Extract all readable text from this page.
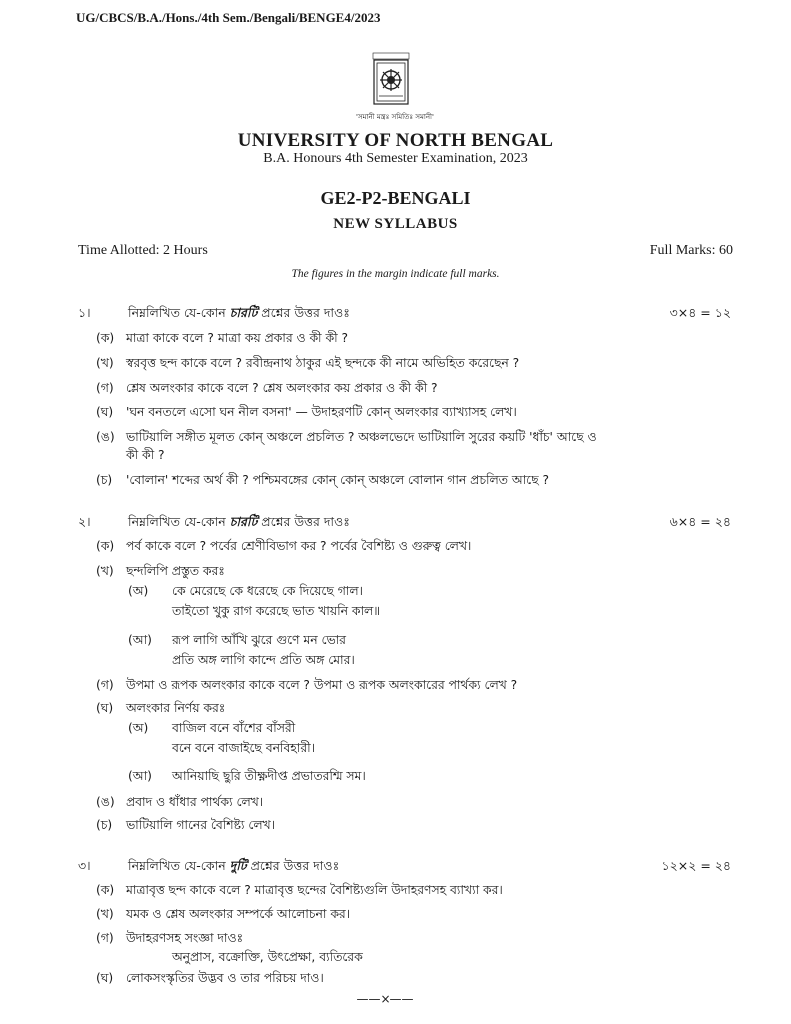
UG/CBCS/B.A./Hons./4th Sem./Bengali/BENGE4/2023
'সমানী মন্ত্রঃ সমিতিঃ সমানী'
UNIVERSITY OF NORTH BENGAL
B.A. Honours 4th Semester Examination, 2023
GE2-P2-BENGALI
NEW SYLLABUS
Time Allotted: 2 Hours	Full Marks: 60
The figures in the margin indicate full marks.
১।	নিম্নলিখিত যে-কোন চারটি প্রশ্নের উত্তর দাওঃ	৩×৪ = ১২
(ক) মাত্রা কাকে বলে ? মাত্রা কয় প্রকার ও কী কী ?
(খ) স্বরবৃত্ত ছন্দ কাকে বলে ? রবীন্দ্রনাথ ঠাকুর এই ছন্দকে কী নামে অভিহিত করেছেন ?
(গ) শ্লেষ অলংকার কাকে বলে ? শ্লেষ অলংকার কয় প্রকার ও কী কী ?
(ঘ) 'ঘন বনতলে এসো ঘন নীল বসনা' — উদাহরণটি কোন্ অলংকার ব্যাখ্যাসহ লেখ।
(ঙ) ভাটিয়ালি সঙ্গীত মূলত কোন্ অঞ্চলে প্রচলিত ? অঞ্চলভেদে ভাটিয়ালি সুরের কয়টি 'ধাঁচ' আছে ও
কী কী ?
(চ) 'বোলান' শব্দের অর্থ কী ? পশ্চিমবঙ্গের কোন্ কোন্ অঞ্চলে বোলান গান প্রচলিত আছে ?
২।	নিম্নলিখিত যে-কোন চারটি প্রশ্নের উত্তর দাওঃ	৬×৪ = ২৪
(ক) পর্ব কাকে বলে ? পর্বের শ্রেণীবিভাগ কর ? পর্বের বৈশিষ্ট্য ও গুরুত্ব লেখ।
(খ) ছন্দলিপি প্রস্তুত করঃ
(অ) কে মেরেছে কে ধরেছে কে দিয়েছে গাল।
তাইতো খুকু রাগ করেছে ভাত খায়নি কাল॥
(আ) রূপ লাগি আঁখি ঝুরে গুণে মন ভোর
প্রতি অঙ্গ লাগি কান্দে প্রতি অঙ্গ মোর।
(গ) উপমা ও রূপক অলংকার কাকে বলে ? উপমা ও রূপক অলংকারের পার্থক্য লেখ ?
(ঘ) অলংকার নির্ণয় করঃ
(অ) বাজিল বনে বাঁশের বাঁসরী
বনে বনে বাজাইছে বনবিহারী।
(আ) আনিয়াছি ছুরি তীক্ষ্ণদীপ্ত প্রভাতরশ্মি সম।
(ঙ) প্রবাদ ও ধাঁধার পার্থক্য লেখ।
(চ) ভাটিয়ালি গানের বৈশিষ্ট্য লেখ।
৩।	নিম্নলিখিত যে-কোন দুটি প্রশ্নের উত্তর দাওঃ	১২×২ = ২৪
(ক) মাত্রাবৃত্ত ছন্দ কাকে বলে ? মাত্রাবৃত্ত ছন্দের বৈশিষ্ট্যগুলি উদাহরণসহ ব্যাখ্যা কর।
(খ) যমক ও শ্লেষ অলংকার সম্পর্কে আলোচনা কর।
(গ) উদাহরণসহ সংজ্ঞা দাওঃ
অনুপ্রাস, বক্রোক্তি, উৎপ্রেক্ষা, ব্যতিরেক
(ঘ) লোকসংস্কৃতির উদ্ভব ও তার পরিচয় দাও।
——×——
